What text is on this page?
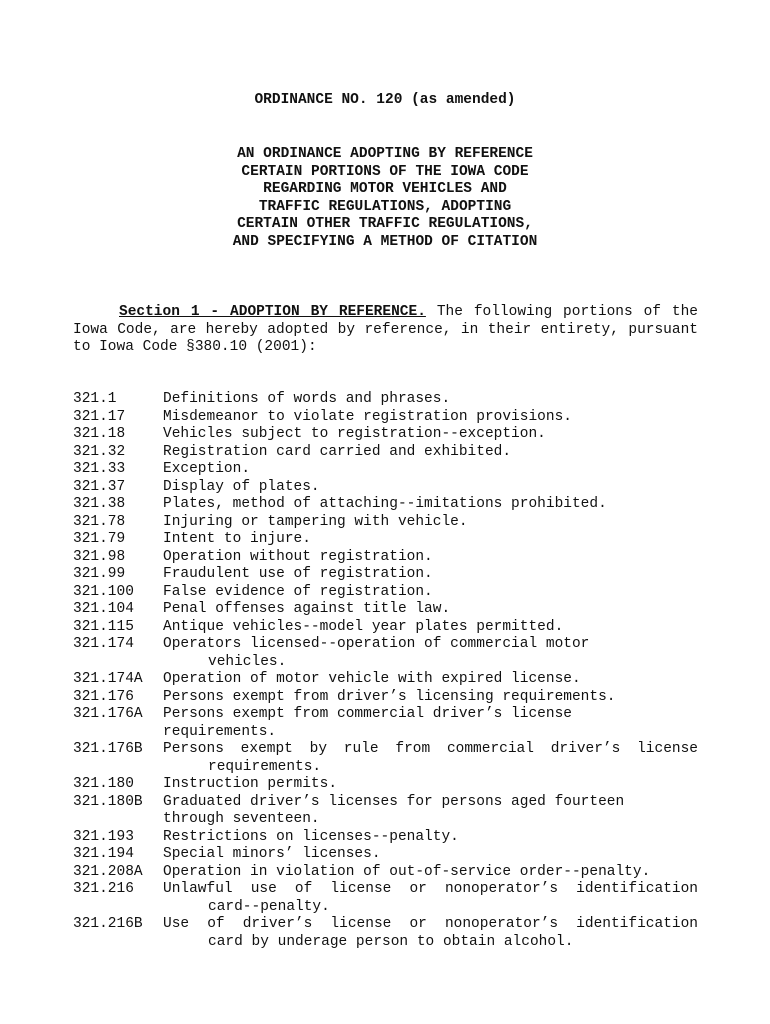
ORDINANCE NO. 120 (as amended)
AN ORDINANCE ADOPTING BY REFERENCE
CERTAIN PORTIONS OF THE IOWA CODE
REGARDING MOTOR VEHICLES AND
TRAFFIC REGULATIONS, ADOPTING
CERTAIN OTHER TRAFFIC REGULATIONS,
AND SPECIFYING A METHOD OF CITATION
Section 1 - ADOPTION BY REFERENCE. The following portions of the Iowa Code, are hereby adopted by reference, in their entirety, pursuant to Iowa Code §380.10 (2001):
321.1	Definitions of words and phrases.
321.17	Misdemeanor to violate registration provisions.
321.18	Vehicles subject to registration--exception.
321.32	Registration card carried and exhibited.
321.33	Exception.
321.37	Display of plates.
321.38	Plates, method of attaching--imitations prohibited.
321.78	Injuring or tampering with vehicle.
321.79	Intent to injure.
321.98	Operation without registration.
321.99	Fraudulent use of registration.
321.100	False evidence of registration.
321.104	Penal offenses against title law.
321.115	Antique vehicles--model year plates permitted.
321.174	Operators licensed--operation of commercial motor
vehicles.
321.174A	Operation of motor vehicle with expired license.
321.176	Persons exempt from driver’s licensing requirements.
321.176A	Persons exempt from commercial driver’s license
requirements.
321.176B	Persons exempt by rule from commercial driver’s license
requirements.
321.180	Instruction permits.
321.180B	Graduated driver’s licenses for persons aged fourteen
through seventeen.
321.193	Restrictions on licenses--penalty.
321.194	Special minors’ licenses.
321.208A	Operation in violation of out-of-service order--penalty.
321.216	Unlawful use of license or nonoperator’s identification
card--penalty.
321.216B	Use of driver’s license or nonoperator’s identification
card by underage person to obtain alcohol.
